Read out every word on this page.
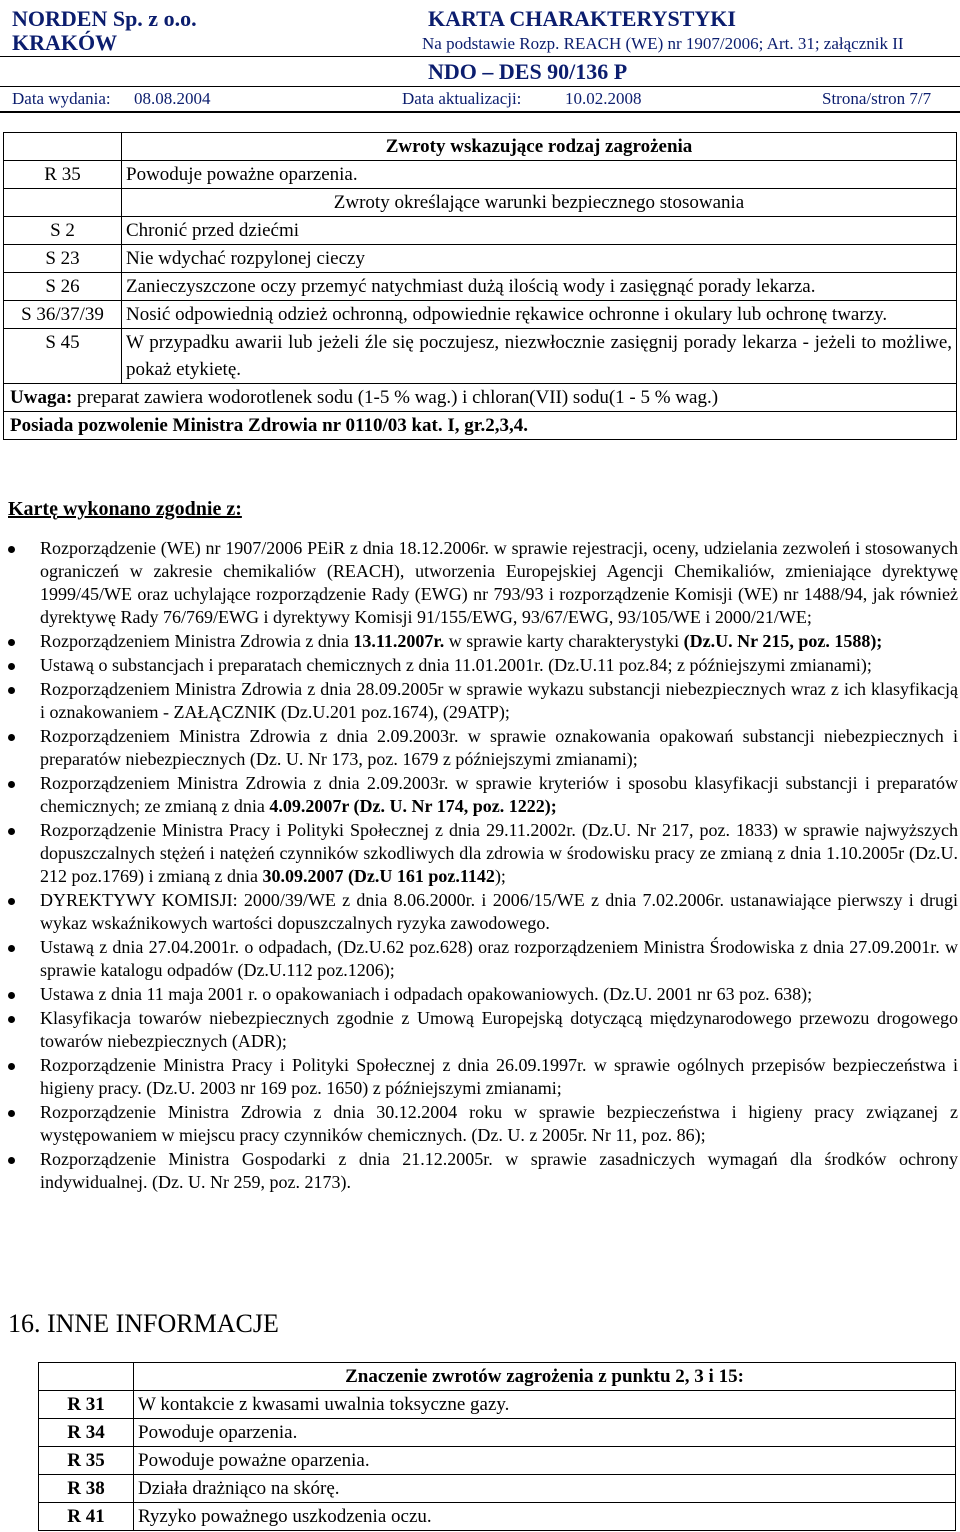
NORDEN Sp. z o.o.	KARTA CHARAKTERYSTYKI
KRAKÓW	Na podstawie Rozp. REACH (WE) nr 1907/2006; Art. 31; załącznik II
NDO – DES 90/136 P
Data wydania: 08.08.2004	Data aktualizacji:	10.02.2008	Strona/stron 7/7
	Zwroty wskazujące rodzaj zagrożenia
R 35	Powoduje poważne oparzenia.
	Zwroty określające warunki bezpiecznego stosowania
S 2	Chronić przed dziećmi
S 23	Nie wdychać rozpylonej cieczy
S 26	Zanieczyszczone oczy przemyć natychmiast dużą ilością wody i zasięgnąć porady lekarza.
S 36/37/39	Nosić odpowiednią odzież ochronną, odpowiednie rękawice ochronne i okulary lub ochronę twarzy.
S 45	W przypadku awarii lub jeżeli źle się poczujesz, niezwłocznie zasięgnij porady lekarza - jeżeli to możliwe, pokaż etykietę.
Uwaga: preparat zawiera wodorotlenek sodu (1-5 % wag.) i chloran(VII) sodu(1 - 5 % wag.)	
Posiada pozwolenie Ministra Zdrowia nr 0110/03 kat. I, gr.2,3,4.	
Kartę wykonano zgodnie z:
Rozporządzenie (WE) nr 1907/2006 PEiR z dnia 18.12.2006r. w sprawie rejestracji, oceny, udzielania zezwoleń i stosowanych ograniczeń w zakresie chemikaliów (REACH), utworzenia Europejskiej Agencji Chemikaliów, zmieniające dyrektywę 1999/45/WE oraz uchylające rozporządzenie Rady (EWG) nr 793/93 i rozporządzenie Komisji (WE) nr 1488/94, jak również dyrektywę Rady 76/769/EWG i dyrektywy Komisji 91/155/EWG, 93/67/EWG, 93/105/WE i 2000/21/WE;
Rozporządzeniem Ministra Zdrowia z dnia 13.11.2007r. w sprawie karty charakterystyki (Dz.U. Nr 215, poz. 1588);
Ustawą o substancjach i preparatach chemicznych z dnia 11.01.2001r. (Dz.U.11 poz.84; z późniejszymi zmianami);
Rozporządzeniem Ministra Zdrowia z dnia 28.09.2005r w sprawie wykazu substancji niebezpiecznych wraz z ich klasyfikacją i oznakowaniem - ZAŁĄCZNIK (Dz.U.201 poz.1674), (29ATP);
Rozporządzeniem Ministra Zdrowia z dnia 2.09.2003r. w sprawie oznakowania opakowań substancji niebezpiecznych i preparatów niebezpiecznych (Dz. U. Nr 173, poz. 1679 z późniejszymi zmianami);
Rozporządzeniem Ministra Zdrowia z dnia 2.09.2003r. w sprawie kryteriów i sposobu klasyfikacji substancji i preparatów chemicznych; ze zmianą z dnia 4.09.2007r (Dz. U. Nr 174, poz. 1222);
Rozporządzenie Ministra Pracy i Polityki Społecznej z dnia 29.11.2002r. (Dz.U. Nr 217, poz. 1833) w sprawie najwyższych dopuszczalnych stężeń i natężeń czynników szkodliwych dla zdrowia w środowisku pracy ze zmianą z dnia 1.10.2005r (Dz.U. 212 poz.1769) i zmianą z dnia 30.09.2007 (Dz.U 161 poz.1142);
DYREKTYWY KOMISJI: 2000/39/WE z dnia 8.06.2000r. i 2006/15/WE z dnia 7.02.2006r. ustanawiające pierwszy i drugi wykaz wskaźnikowych wartości dopuszczalnych ryzyka zawodowego.
Ustawą z dnia 27.04.2001r. o odpadach, (Dz.U.62 poz.628) oraz rozporządzeniem Ministra Środowiska z dnia 27.09.2001r. w sprawie katalogu odpadów (Dz.U.112 poz.1206);
Ustawa z dnia 11 maja 2001 r. o opakowaniach i odpadach opakowaniowych. (Dz.U. 2001 nr 63 poz. 638);
Klasyfikacja towarów niebezpiecznych zgodnie z Umową Europejską dotyczącą międzynarodowego przewozu drogowego towarów niebezpiecznych (ADR);
Rozporządzenie Ministra Pracy i Polityki Społecznej z dnia 26.09.1997r. w sprawie ogólnych przepisów bezpieczeństwa i higieny pracy. (Dz.U. 2003 nr 169 poz. 1650) z późniejszymi zmianami;
Rozporządzenie Ministra Zdrowia z dnia 30.12.2004 roku w sprawie bezpieczeństwa i higieny pracy związanej z występowaniem w miejscu pracy czynników chemicznych. (Dz. U. z 2005r. Nr 11, poz. 86);
Rozporządzenie Ministra Gospodarki z dnia 21.12.2005r. w sprawie zasadniczych wymagań dla środków ochrony indywidualnej. (Dz. U. Nr 259, poz. 2173).
16. INNE INFORMACJE
	Znaczenie zwrotów zagrożenia z punktu 2, 3 i 15:
R 31	W kontakcie z kwasami uwalnia toksyczne gazy.
R 34	Powoduje oparzenia.
R 35	Powoduje poważne oparzenia.
R 38	Działa drażniąco na skórę.
R 41	Ryzyko poważnego uszkodzenia oczu.
